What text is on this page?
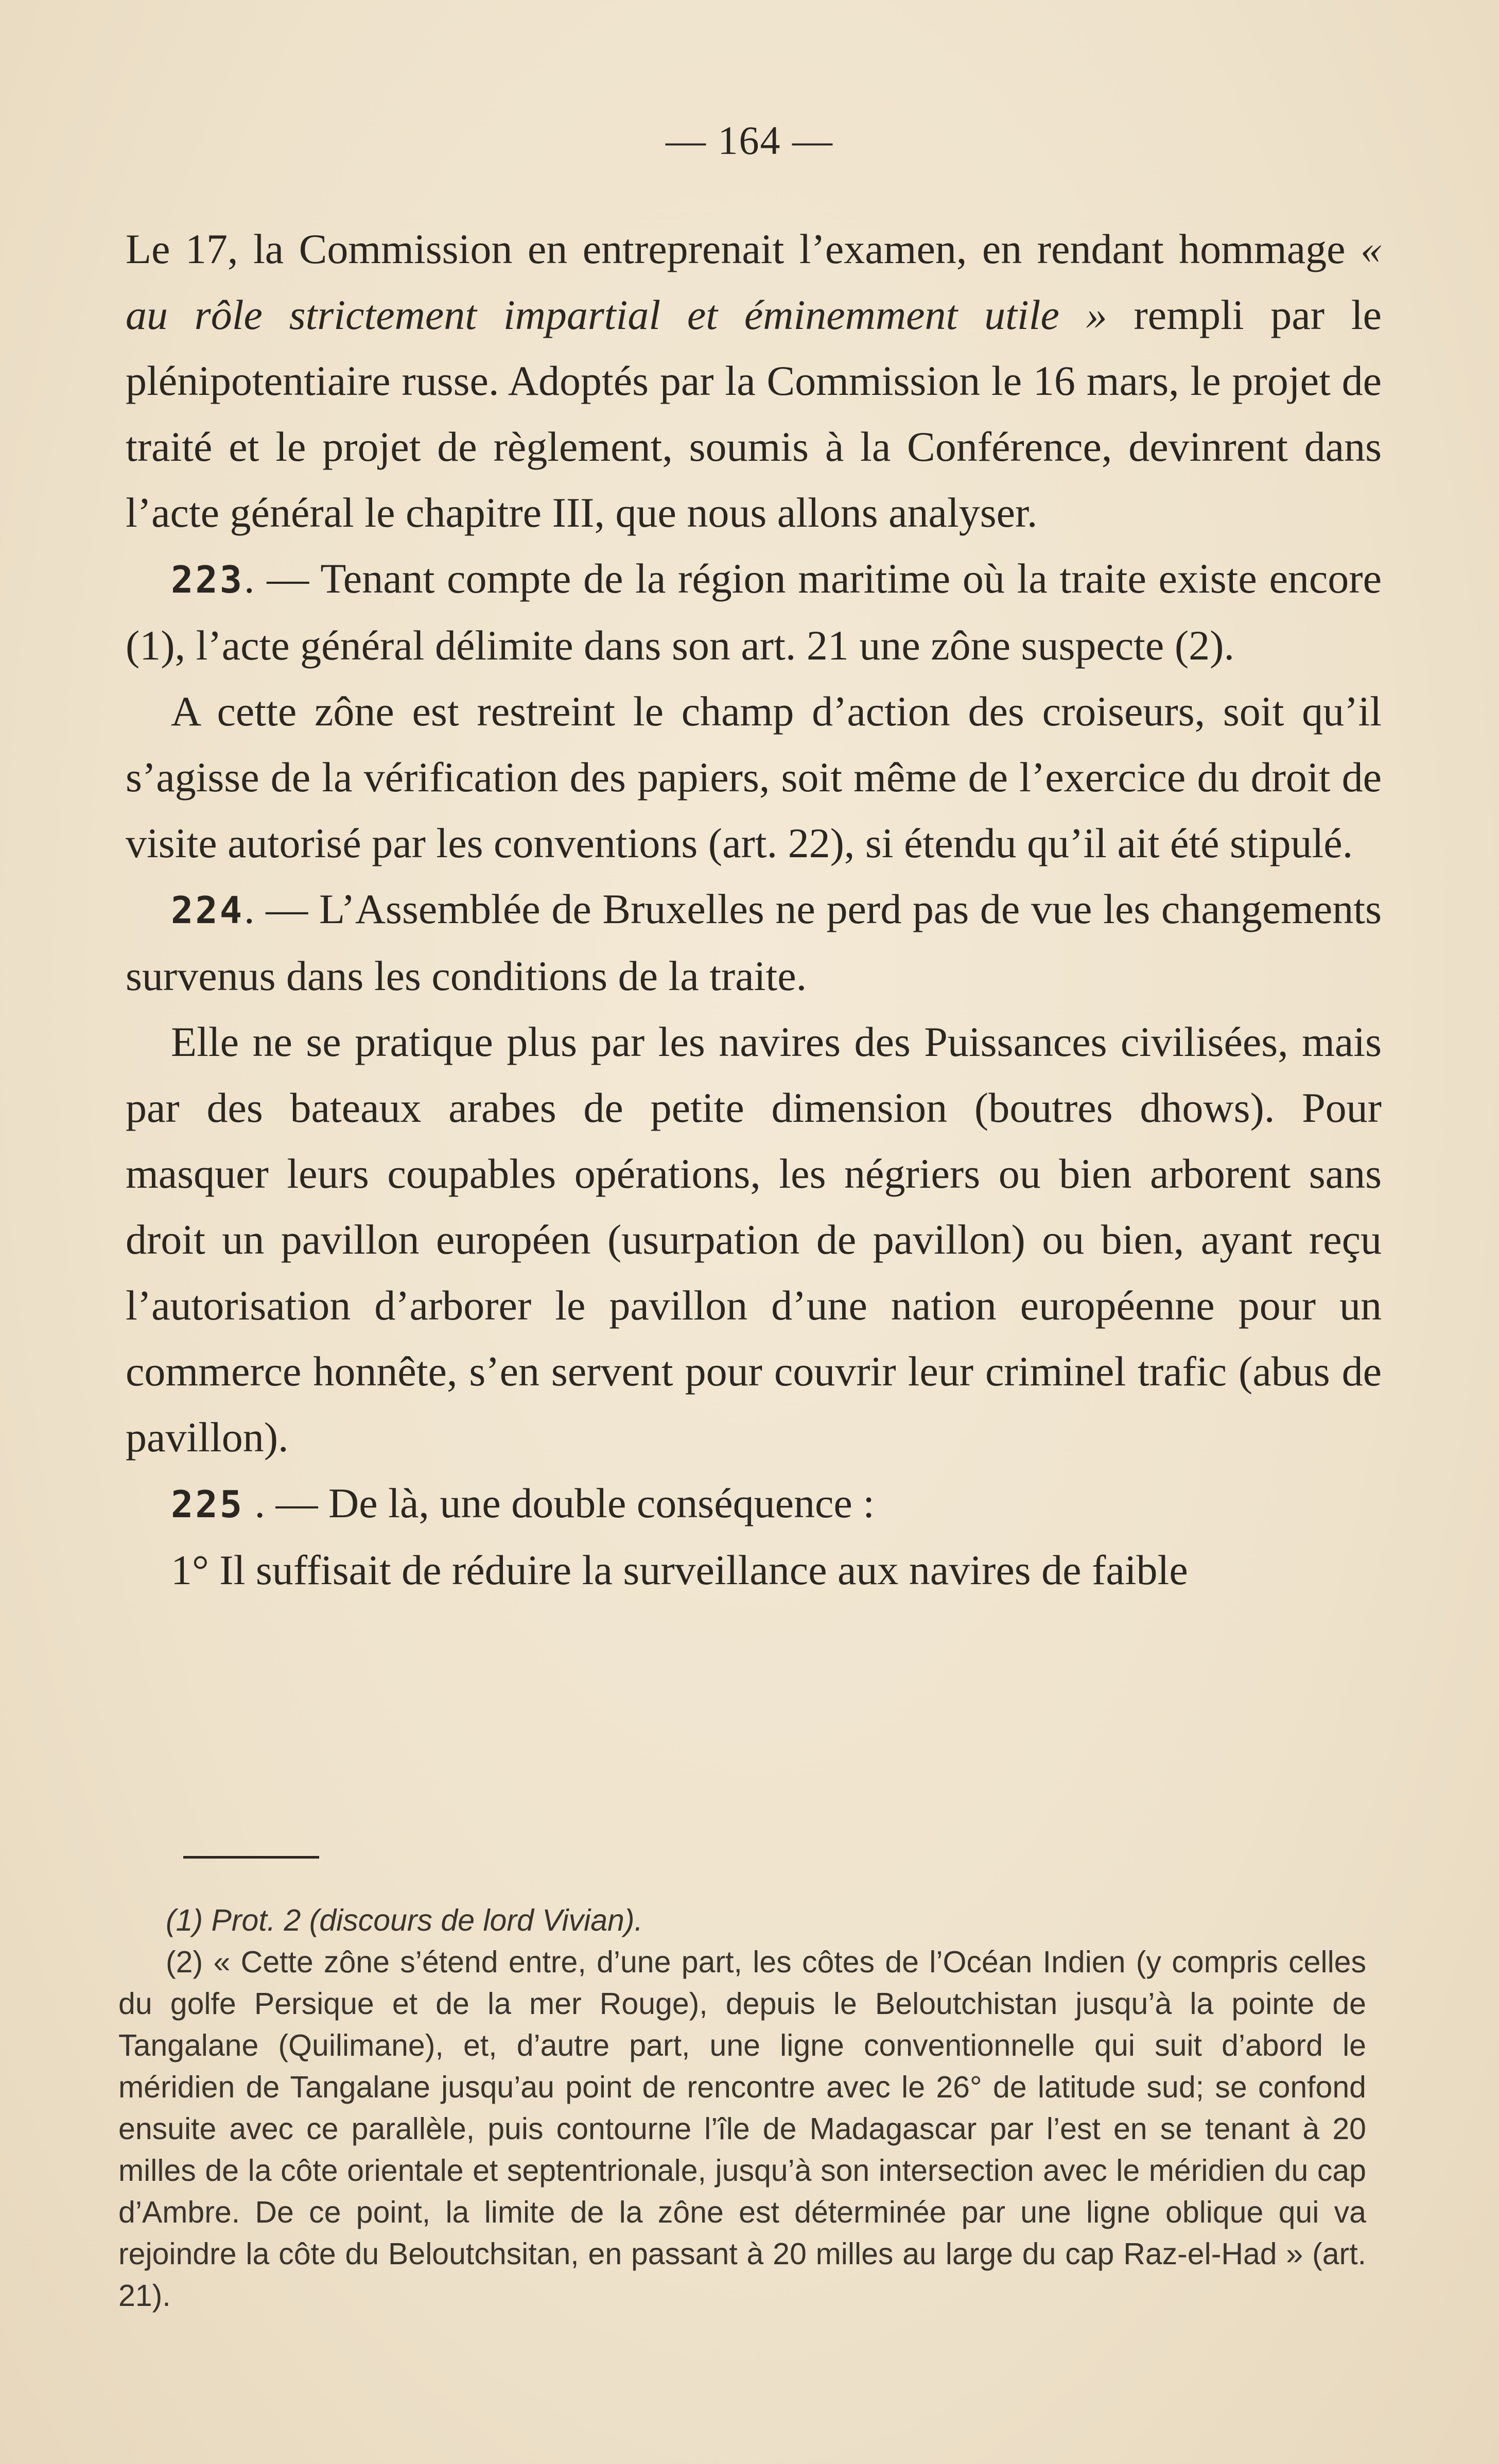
— 164 —

Le 17, la Commission en entreprenait l’examen, en rendant hommage « au rôle strictement impartial et éminemment utile » rempli par le plénipotentiaire russe. Adoptés par la Commission le 16 mars, le projet de traité et le projet de règlement, soumis à la Conférence, devinrent dans l’acte général le chapitre III, que nous allons analyser.

223. — Tenant compte de la région maritime où la traite existe encore (1), l’acte général délimite dans son art. 21 une zône suspecte (2).

A cette zône est restreint le champ d’action des croiseurs, soit qu’il s’agisse de la vérification des papiers, soit même de l’exercice du droit de visite autorisé par les conventions (art. 22), si étendu qu’il ait été stipulé.

224. — L’Assemblée de Bruxelles ne perd pas de vue les changements survenus dans les conditions de la traite.

Elle ne se pratique plus par les navires des Puissances civilisées, mais par des bateaux arabes de petite dimension (boutres dhows). Pour masquer leurs coupables opérations, les négriers ou bien arborent sans droit un pavillon européen (usurpation de pavillon) ou bien, ayant reçu l’autorisation d’arborer le pavillon d’une nation européenne pour un commerce honnête, s’en servent pour couvrir leur criminel trafic (abus de pavillon).

225 . — De là, une double conséquence :

1° Il suffisait de réduire la surveillance aux navires de faible

(1) Prot. 2 (discours de lord Vivian).

(2) « Cette zône s’étend entre, d’une part, les côtes de l’Océan Indien (y compris celles du golfe Persique et de la mer Rouge), depuis le Beloutchistan jusqu’à la pointe de Tangalane (Quilimane), et, d’autre part, une ligne conventionnelle qui suit d’abord le méridien de Tangalane jusqu’au point de rencontre avec le 26° de latitude sud; se confond ensuite avec ce parallèle, puis contourne l’île de Madagascar par l’est en se tenant à 20 milles de la côte orientale et septentrionale, jusqu’à son intersection avec le méridien du cap d’Ambre. De ce point, la limite de la zône est déterminée par une ligne oblique qui va rejoindre la côte du Beloutchsitan, en passant à 20 milles au large du cap Raz-el-Had » (art. 21).
